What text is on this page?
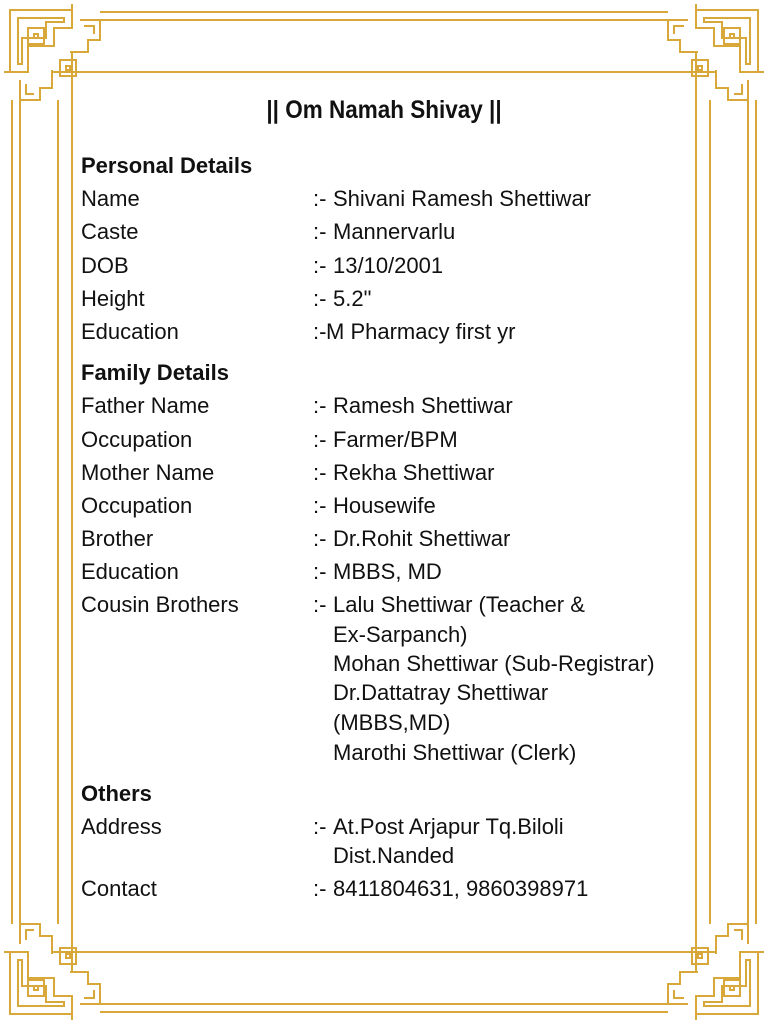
|| Om Namah Shivay ||
Personal Details
Name	:- Shivani Ramesh Shettiwar
Caste	:- Mannervarlu
DOB	:- 13/10/2001
Height	:- 5.2"
Education	:- M Pharmacy first yr
Family Details
Father Name	:- Ramesh Shettiwar
Occupation	:- Farmer/BPM
Mother Name	:- Rekha Shettiwar
Occupation	:- Housewife
Brother	:- Dr.Rohit Shettiwar
Education	:- MBBS, MD
Cousin Brothers	:- Lalu Shettiwar (Teacher &
Ex-Sarpanch)
Mohan Shettiwar (Sub-Registrar)
Dr.Dattatray Shettiwar
(MBBS,MD)
Marothi Shettiwar (Clerk)
Others
Address	:- At.Post Arjapur Tq.Biloli
Dist.Nanded
Contact	:- 8411804631, 9860398971
